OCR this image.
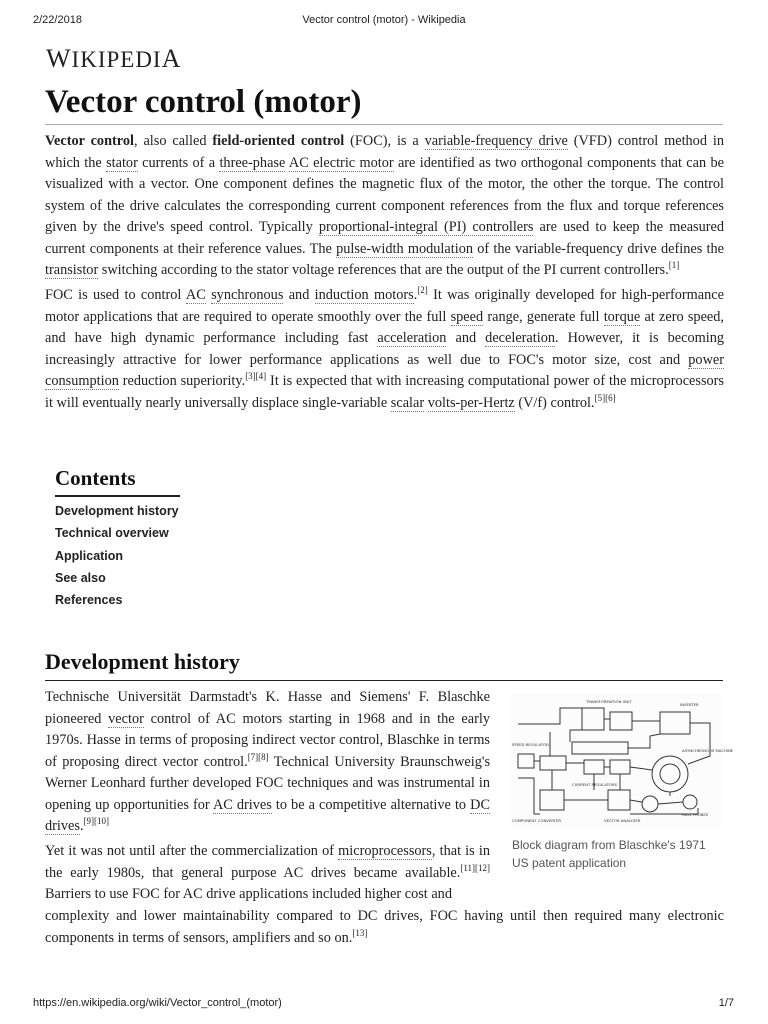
2/22/2018	Vector control (motor) - Wikipedia
WIKIPEDIA
Vector control (motor)

Vector control, also called field-oriented control (FOC), is a variable-frequency drive (VFD) control method in which the stator currents of a three-phase AC electric motor are identified as two orthogonal components that can be visualized with a vector. One component defines the magnetic flux of the motor, the other the torque. The control system of the drive calculates the corresponding current component references from the flux and torque references given by the drive's speed control. Typically proportional-integral (PI) controllers are used to keep the measured current components at their reference values. The pulse-width modulation of the variable-frequency drive defines the transistor switching according to the stator voltage references that are the output of the PI current controllers.[1]

FOC is used to control AC synchronous and induction motors.[2] It was originally developed for high-performance motor applications that are required to operate smoothly over the full speed range, generate full torque at zero speed, and have high dynamic performance including fast acceleration and deceleration. However, it is becoming increasingly attractive for lower performance applications as well due to FOC's motor size, cost and power consumption reduction superiority.[3][4] It is expected that with increasing computational power of the microprocessors it will eventually nearly universally displace single-variable scalar volts-per-Hertz (V/f) control.[5][6]

Contents
Development history
Technical overview
Application
See also
References
Development history

Technische Universität Darmstadt's K. Hasse and Siemens' F. Blaschke pioneered vector control of AC motors starting in 1968 and in the early 1970s. Hasse in terms of proposing indirect vector control, Blaschke in terms of proposing direct vector control.[7][8] Technical University Braunschweig's Werner Leonhard further developed FOC techniques and was instrumental in opening up opportunities for AC drives to be a competitive alternative to DC drives.[9][10]

Yet it was not until after the commercialization of microprocessors, that is in the early 1980s, that general purpose AC drives became available.[11][12] Barriers to use FOC for AC drive applications included higher cost and

complexity and lower maintainability compared to DC drives, FOC having until then required many electronic components in terms of sensors, amplifiers and so on.[13]

TRANSFORMATION UNIT
INVERTER
SPEED REGULATOR
CURRENT REGULATORS
ASYNCHRONOUS MACHINE
HALL PROBES
COMPONENT CONVERTER	VECTOR ANALYZER
Block diagram from Blaschke's 1971 US patent application
https://en.wikipedia.org/wiki/Vector_control_(motor)	1/7
